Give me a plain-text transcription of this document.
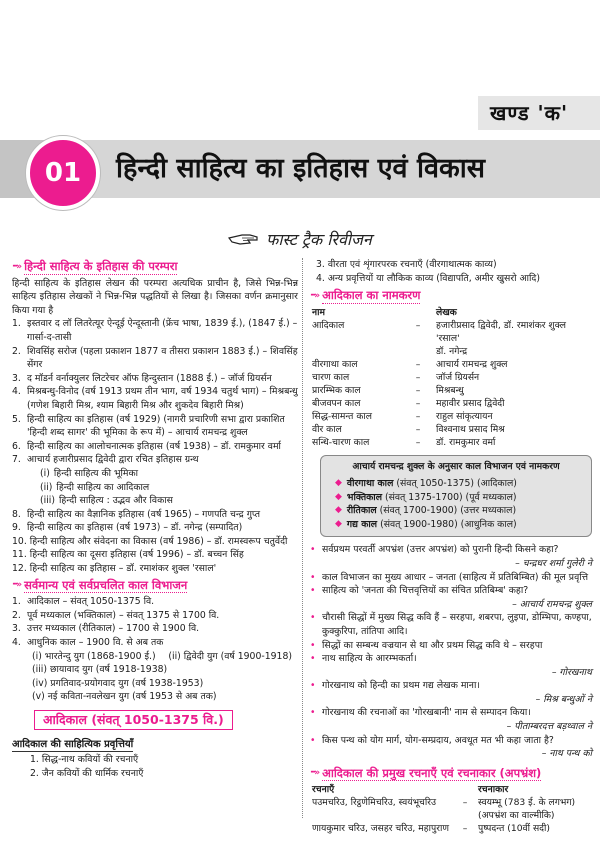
खण्ड 'क'
01	हिन्दी साहित्य का इतिहास एवं विकास
फास्ट ट्रैक रिवीजन
···» हिन्दी साहित्य के इतिहास की परम्परा
हिन्दी साहित्य के इतिहास लेखन की परम्परा अत्यधिक प्राचीन है, जिसे भिन्न-भिन्न साहित्य इतिहास लेखकों ने भिन्न-भिन्न पद्धतियों से लिखा है। जिसका वर्णन क्रमानुसार किया गया है
1. इस्तवार द लॉ लितरेत्यूर ऐन्दूई ऐन्दूस्तानी (फ्रेंच भाषा, 1839 ई.), (1847 ई.) – गार्सा-द-तासी
2. शिवसिंह सरोज (पहला प्रकाशन 1877 व तीसरा प्रकाशन 1883 ई.) – शिवसिंह सेंगर
3. द मॉडर्न वर्नाक्युलर लिटरेचर ऑफ हिन्दुस्तान (1888 ई.) – जॉर्ज ग्रियर्सन
4. मिश्रबन्धु-विनोद (वर्ष 1913 प्रथम तीन भाग, वर्ष 1934 चतुर्थ भाग) – मिश्रबन्धु (गणेश बिहारी मिश्र, श्याम बिहारी मिश्र और शुकदेव बिहारी मिश्र)
5. हिन्दी साहित्य का इतिहास (वर्ष 1929) (नागरी प्रचारिणी सभा द्वारा प्रकाशित 'हिन्दी शब्द सागर' की भूमिका के रूप में) – आचार्य रामचन्द्र शुक्ल
6. हिन्दी साहित्य का आलोचनात्मक इतिहास (वर्ष 1938) – डॉ. रामकुमार वर्मा
7. आचार्य हजारीप्रसाद द्विवेदी द्वारा रचित इतिहास ग्रन्थ
(i) हिन्दी साहित्य की भूमिका
(ii) हिन्दी साहित्य का आदिकाल
(iii) हिन्दी साहित्य : उद्भव और विकास
8. हिन्दी साहित्य का वैज्ञानिक इतिहास (वर्ष 1965) – गणपति चन्द्र गुप्त
9. हिन्दी साहित्य का इतिहास (वर्ष 1973) – डॉ. नगेन्द्र (सम्पादित)
10. हिन्दी साहित्य और संवेदना का विकास (वर्ष 1986) – डॉ. रामस्वरूप चतुर्वेदी
11. हिन्दी साहित्य का दूसरा इतिहास (वर्ष 1996) – डॉ. बच्चन सिंह
12. हिन्दी साहित्य का इतिहास – डॉ. रमाशंकर शुक्ल 'रसाल'
···» सर्वमान्य एवं सर्वप्रचलित काल विभाजन
1. आदिकाल – संवत् 1050-1375 वि.
2. पूर्व मध्यकाल (भक्तिकाल) – संवत् 1375 से 1700 वि.
3. उत्तर मध्यकाल (रीतिकाल) – 1700 से 1900 वि.
4. आधुनिक काल – 1900 वि. से अब तक
(i) भारतेन्दु युग (1868-1900 ई.) (ii) द्विवेदी युग (वर्ष 1900-1918)
(iii) छायावाद युग (वर्ष 1918-1938)
(iv) प्रगतिवाद-प्रयोगवाद युग (वर्ष 1938-1953)
(v) नई कविता-नवलेखन युग (वर्ष 1953 से अब तक)
आदिकाल (संवत् 1050-1375 वि.)
आदिकाल की साहित्यिक प्रवृत्तियाँ
1. सिद्ध-नाथ कवियों की रचनाएँ
2. जैन कवियों की धार्मिक रचनाएँ
3. वीरता एवं शृंगारपरक रचनाएँ (वीरगाथात्मक काव्य)
4. अन्य प्रवृत्तियों या लौकिक काव्य (विद्यापति, अमीर खुसरो आदि)
···» आदिकाल का नामकरण
नाम		लेखक
आदिकाल	–	हजारीप्रसाद द्विवेदी, डॉ. रमाशंकर शुक्ल 'रसाल'
		डॉ. नगेन्द्र
वीरगाथा काल	–	आचार्य रामचन्द्र शुक्ल
चारण काल	–	जॉर्ज ग्रियर्सन
प्रारम्भिक काल	–	मिश्रबन्धु
बीजवपन काल	–	महावीर प्रसाद द्विवेदी
सिद्ध-सामन्त काल	–	राहुल सांकृत्यायन
वीर काल	–	विश्वनाथ प्रसाद मिश्र
सन्धि-चारण काल	–	डॉ. रामकुमार वर्मा
आचार्य रामचन्द्र शुक्ल के अनुसार काल विभाजन एवं नामकरण
◆ वीरगाथा काल (संवत् 1050-1375) (आदिकाल)
◆ भक्तिकाल (संवत् 1375-1700) (पूर्व मध्यकाल)
◆ रीतिकाल (संवत् 1700-1900) (उत्तर मध्यकाल)
◆ गद्य काल (संवत् 1900-1980) (आधुनिक काल)
• सर्वप्रथम परवर्ती अपभ्रंश (उत्तर अपभ्रंश) को पुरानी हिन्दी किसने कहा?
– चन्द्रधर शर्मा गुलेरी ने
• काल विभाजन का मुख्य आधार – जनता (साहित्य में प्रतिबिम्बित) की मूल प्रवृत्ति
• साहित्य को 'जनता की चित्तवृत्तियों का संचित प्रतिबिम्ब' कहा?
– आचार्य रामचन्द्र शुक्ल
• चौरासी सिद्धों में मुख्य सिद्ध कवि हैं – सरहपा, शबरपा, लुइपा, डोम्भिपा, कण्हपा, कुक्कुरिपा, तांतिपा आदि।
• सिद्धों का सम्बन्ध वज्रयान से था और प्रथम सिद्ध कवि थे – सरहपा
• नाथ साहित्य के आरम्भकर्ता।
– गोरखनाथ
• गोरखनाथ को हिन्दी का प्रथम गद्य लेखक माना।
– मिश्र बन्धुओं ने
• गोरखनाथ की रचनाओं का 'गोरखबानी' नाम से सम्पादन किया।
– पीताम्बरदत्त बड़थ्वाल ने
• किस पन्थ को योग मार्ग, योग-सम्प्रदाय, अवधूत मत भी कहा जाता है?
– नाथ पन्थ को
···» आदिकाल की प्रमुख रचनाएँ एवं रचनाकार (अपभ्रंश)
रचनाएँ		रचनाकार
पउमचरिउ, रिट्ठणेमिचरिउ, स्वयंभूचरिउ	–	स्वयम्भू (783 ई. के लगभग) (अपभ्रंश का वाल्मीकि)
णायकुमार चरिउ, जसहर चरिउ, महापुराण	–	पुष्पदन्त (10वीं सदी)
